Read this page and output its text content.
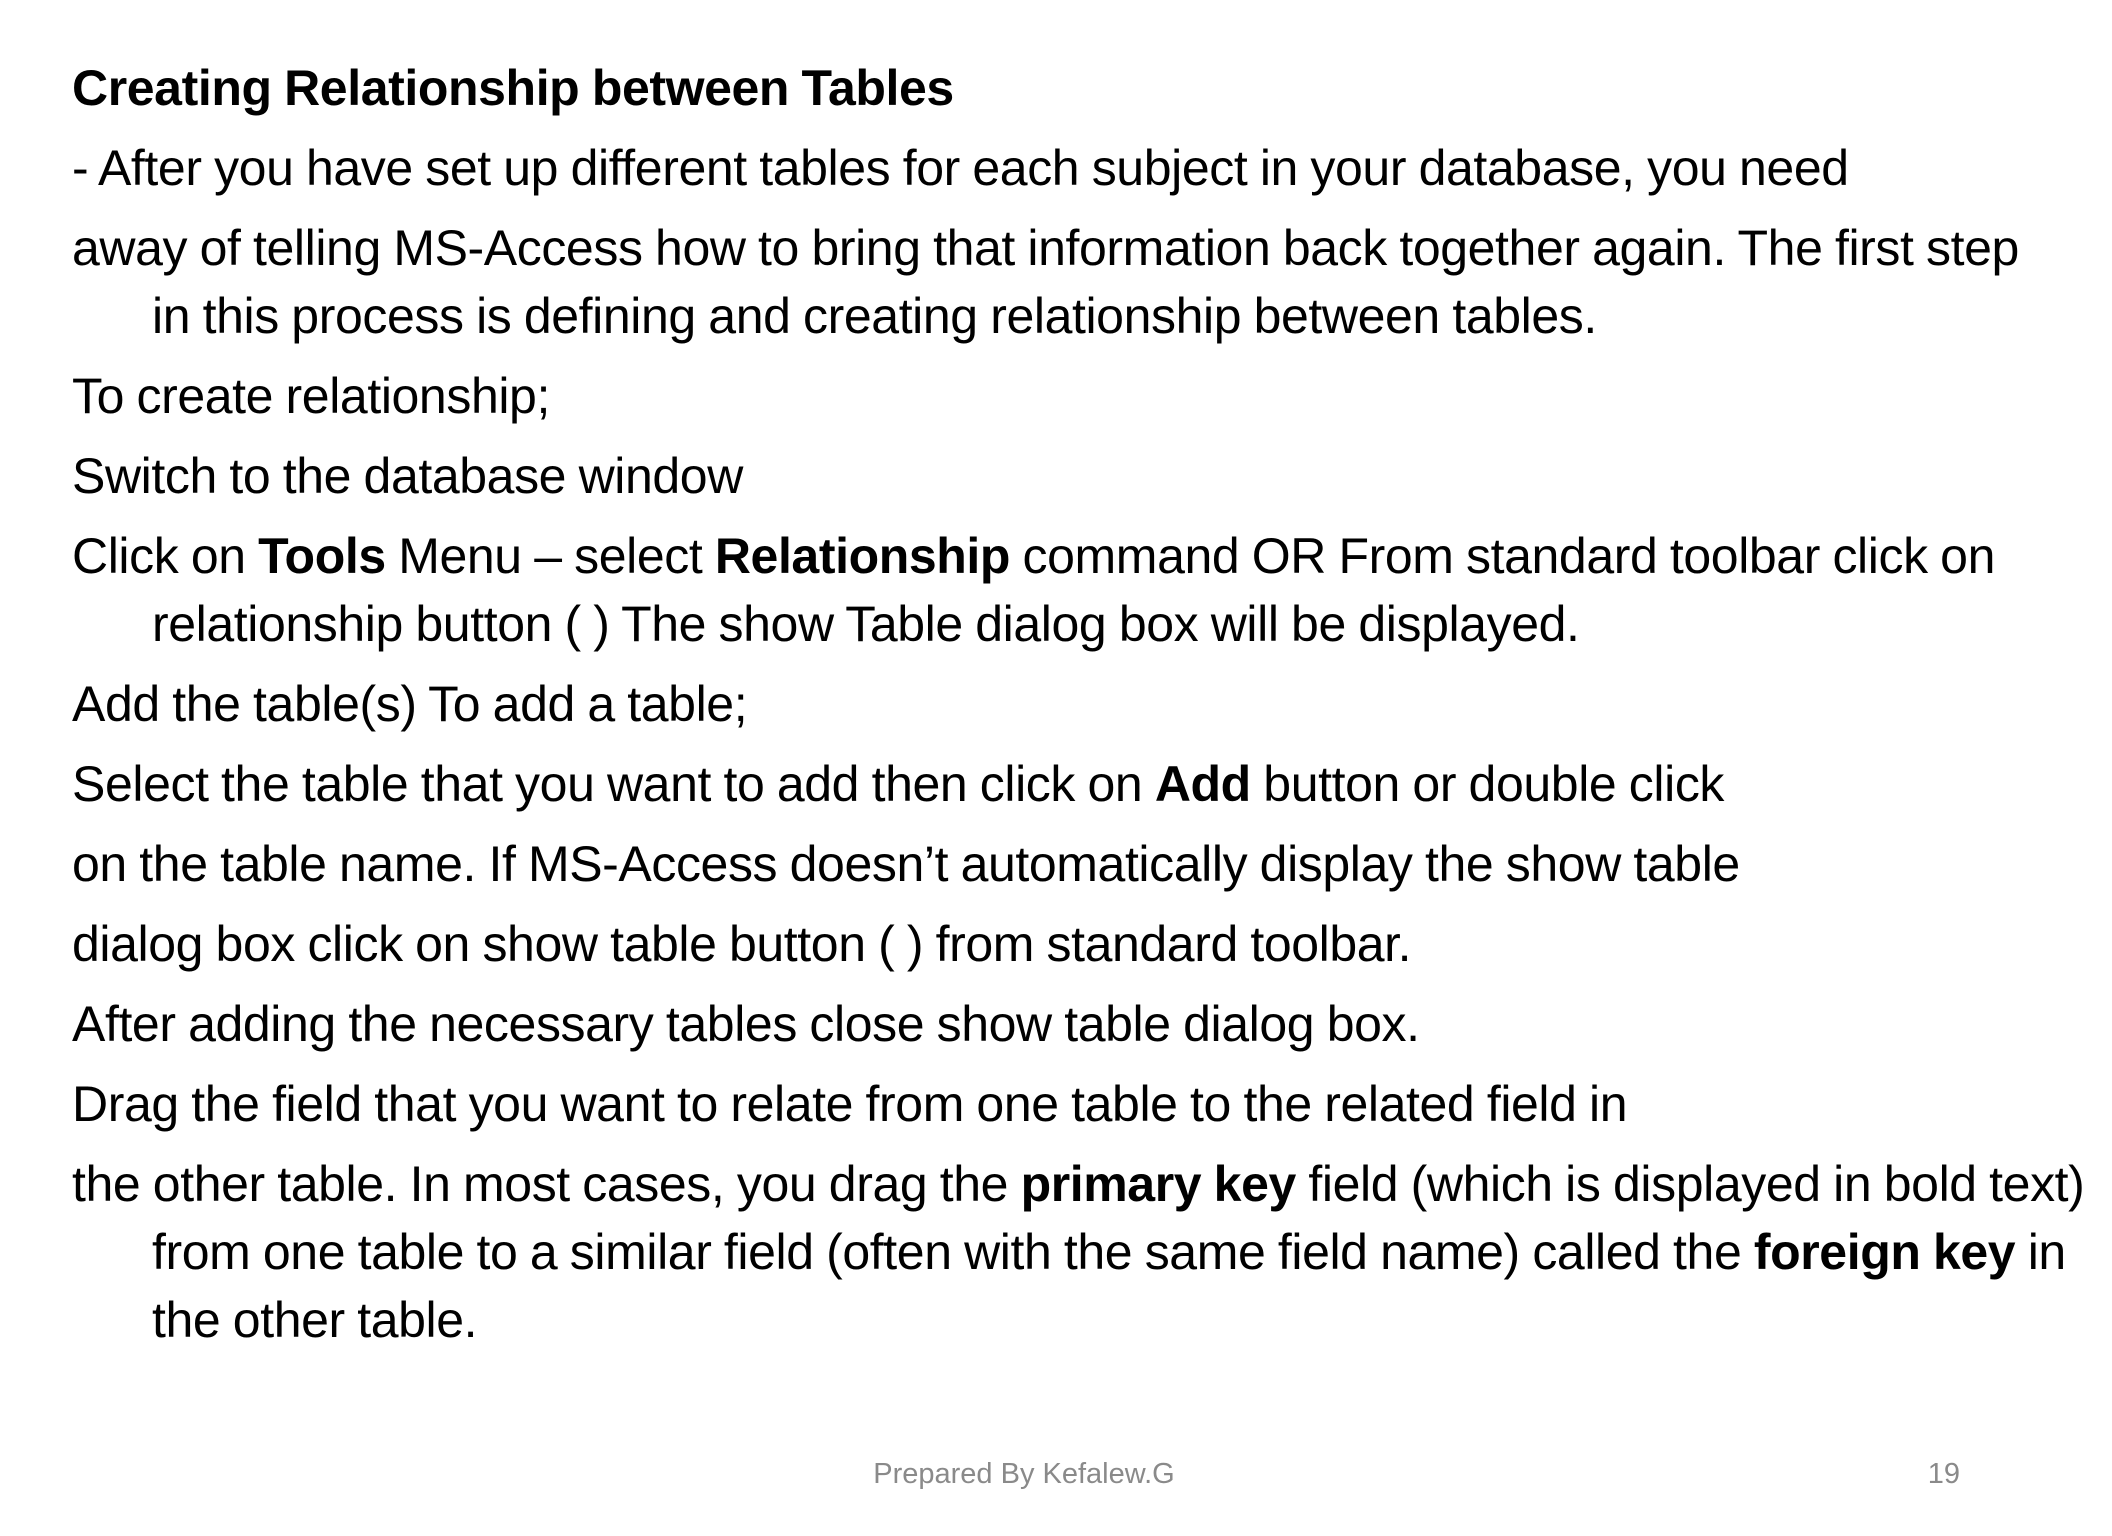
Creating Relationship between Tables
- After you have set up different tables for each subject in your database, you need
away of telling MS-Access how to bring that information back together again. The first step in this process is defining and creating relationship between tables.
To create relationship;
Switch to the database window
Click on Tools Menu – select Relationship command OR From standard toolbar click on relationship button ( ) The show Table dialog box will be displayed.
Add the table(s) To add a table;
Select the table that you want to add then click on Add button or double click
on the table name. If MS-Access doesn’t automatically display the show table
dialog box click on show table button ( ) from standard toolbar.
After adding the necessary tables close show table dialog box.
Drag the field that you want to relate from one table to the related field in
the other table. In most cases, you drag the primary key field (which is displayed in bold text) from one table to a similar field (often with the same field name) called the foreign key in the other table.
Prepared By Kefalew.G	19
